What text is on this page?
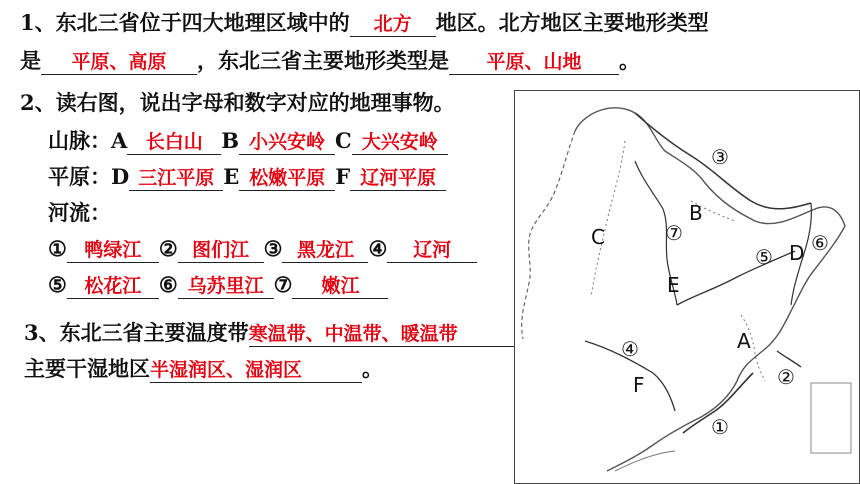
1、东北三省位于四大地理区域中的 北方 地区。北方地区主要地形类型
是 平原、高原 ，东北三省主要地形类型是 平原、山地 。
2、读右图，说出字母和数字对应的地理事物。
山脉：A 长白山 B 小兴安岭 C 大兴安岭
平原：D 三江平原 E 松嫩平原 F 辽河平原
河流：
① 鸭绿江 ② 图们江 ③ 黑龙江 ④ 辽河
⑤ 松花江 ⑥ 乌苏里江 ⑦ 嫩江
3、东北三省主要温度带寒温带、中温带、暖温带
主要干湿地区半湿润区、湿润区	。
③
B
⑦
C
⑤ D ⑥
E
④	A
②
F
①
